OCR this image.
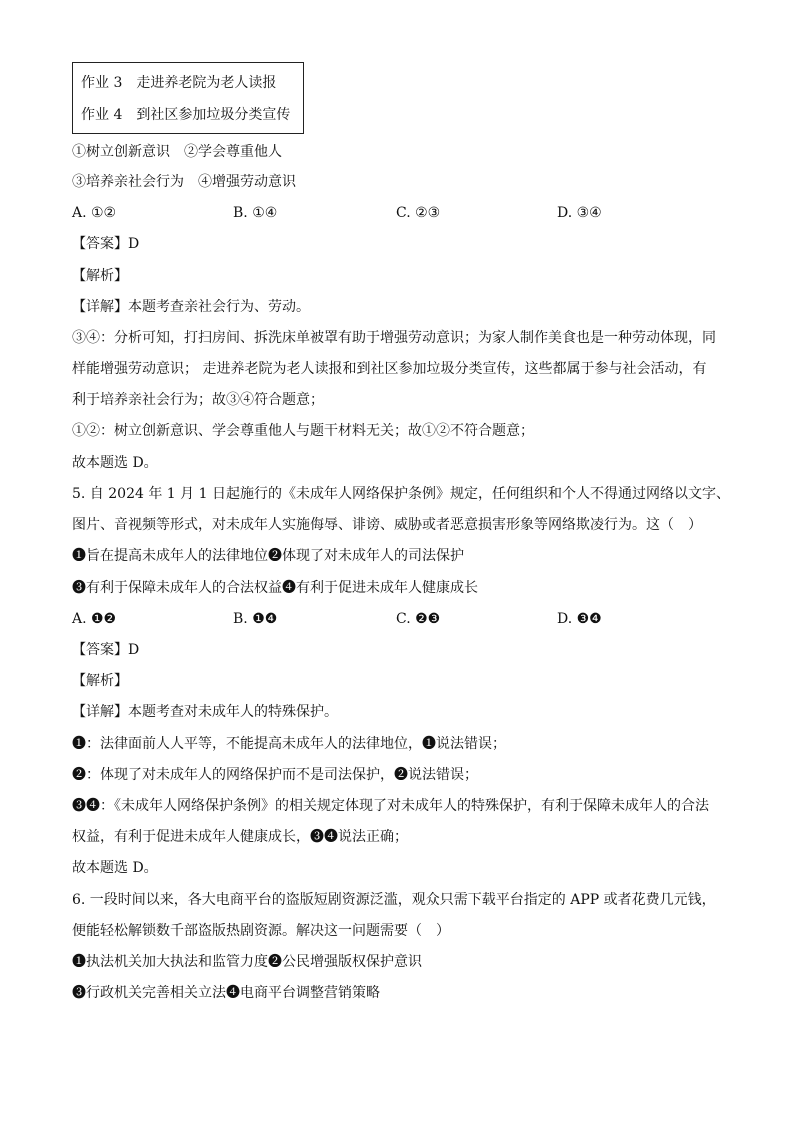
作业 3　走进养老院为老人读报
作业 4　到社区参加垃圾分类宣传
①树立创新意识　②学会尊重他人
③培养亲社会行为　④增强劳动意识
A. ①②	B. ①④	C. ②③	D. ③④
【答案】D
【解析】
【详解】本题考查亲社会行为、劳动。
③④：分析可知，打扫房间、拆洗床单被罩有助于增强劳动意识；为家人制作美食也是一种劳动体现，同
样能增强劳动意识； 走进养老院为老人读报和到社区参加垃圾分类宣传，这些都属于参与社会活动，有
利于培养亲社会行为；故③④符合题意；
①②：树立创新意识、学会尊重他人与题干材料无关；故①②不符合题意；
故本题选 D。
5. 自 2024 年 1 月 1 日起施行的《未成年人网络保护条例》规定，任何组织和个人不得通过网络以文字、
图片、音视频等形式，对未成年人实施侮辱、诽谤、威胁或者恶意损害形象等网络欺凌行为。这（　）
❶旨在提高未成年人的法律地位❷体现了对未成年人的司法保护
❸有利于保障未成年人的合法权益❹有利于促进未成年人健康成长
A. ❶❷	B. ❶❹	C. ❷❸	D. ❸❹
【答案】D
【解析】
【详解】本题考查对未成年人的特殊保护。
❶：法律面前人人平等，不能提高未成年人的法律地位，❶说法错误；
❷：体现了对未成年人的网络保护而不是司法保护，❷说法错误；
❸❹：《未成年人网络保护条例》的相关规定体现了对未成年人的特殊保护，有利于保障未成年人的合法
权益，有利于促进未成年人健康成长，❸❹说法正确；
故本题选 D。
6. 一段时间以来，各大电商平台的盗版短剧资源泛滥，观众只需下载平台指定的 APP 或者花费几元钱，
便能轻松解锁数千部盗版热剧资源。解决这一问题需要（　）
❶执法机关加大执法和监管力度❷公民增强版权保护意识
❸行政机关完善相关立法❹电商平台调整营销策略
